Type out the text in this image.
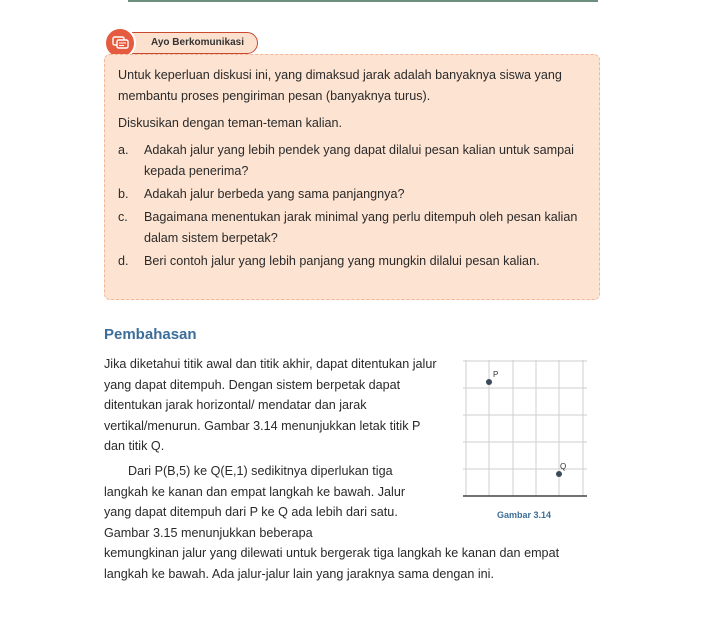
Ayo Berkomunikasi

Untuk keperluan diskusi ini, yang dimaksud jarak adalah banyaknya siswa yang membantu proses pengiriman pesan (banyaknya turus).

Diskusikan dengan teman-teman kalian.

a.	Adakah jalur yang lebih pendek yang dapat dilalui pesan kalian untuk sampai kepada penerima?
b.	Adakah jalur berbeda yang sama panjangnya?
c.	Bagaimana menentukan jarak minimal yang perlu ditempuh oleh pesan kalian dalam sistem berpetak?
d.	Beri contoh jalur yang lebih panjang yang mungkin dilalui pesan kalian.
Pembahasan
Jika diketahui titik awal dan titik akhir, dapat ditentukan jalur yang dapat ditempuh. Dengan sistem berpetak dapat ditentukan jarak horizontal/ mendatar dan jarak vertikal/menurun. Gambar 3.14 menunjukkan letak titik P dan titik Q.
Dari P(B,5) ke Q(E,1) sedikitnya diperlukan tiga langkah ke kanan dan empat langkah ke bawah. Jalur yang dapat ditempuh dari P ke Q ada lebih dari satu. Gambar 3.15 menunjukkan beberapa
kemungkinan jalur yang dilewati untuk bergerak tiga langkah ke kanan dan empat langkah ke bawah. Ada jalur-jalur lain yang jaraknya sama dengan ini.
P
Q
Gambar 3.14
